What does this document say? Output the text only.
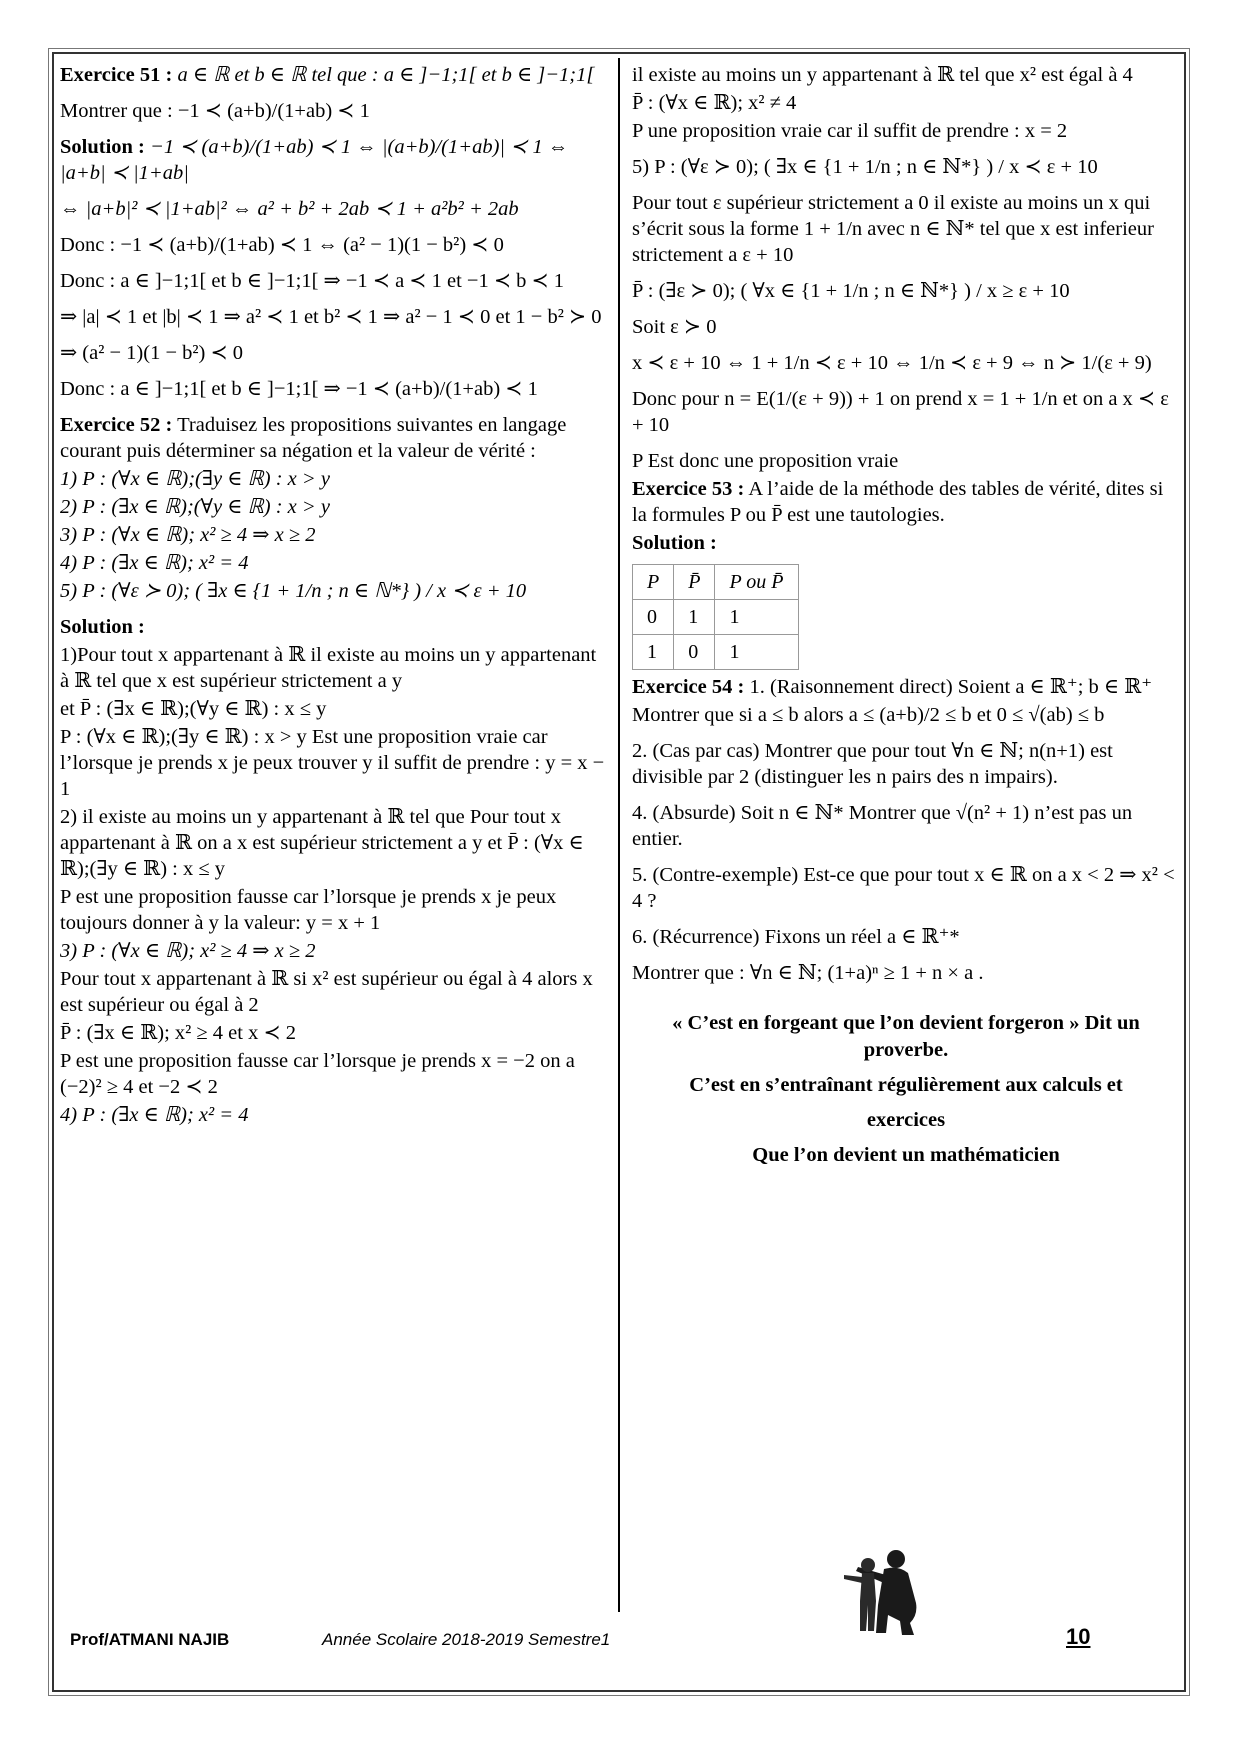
Exercice 51 : a ∈ ℝ et b ∈ ℝ tel que : a ∈ ]−1;1[ et b ∈ ]−1;1[

Montrer que : −1 ≺ (a+b)/(1+ab) ≺ 1

Solution : −1 ≺ (a+b)/(1+ab) ≺ 1 ⇔ |(a+b)/(1+ab)| ≺ 1 ⇔ |a+b| ≺ |1+ab|

⇔ |a+b|² ≺ |1+ab|² ⇔ a² + b² + 2ab ≺ 1 + a²b² + 2ab

Donc : −1 ≺ (a+b)/(1+ab) ≺ 1 ⇔ (a² − 1)(1 − b²) ≺ 0

Donc : a ∈ ]−1;1[ et b ∈ ]−1;1[ ⇒ −1 ≺ a ≺ 1 et −1 ≺ b ≺ 1

⇒ |a| ≺ 1 et |b| ≺ 1 ⇒ a² ≺ 1 et b² ≺ 1 ⇒ a² − 1 ≺ 0 et 1 − b² ≻ 0

⇒ (a² − 1)(1 − b²) ≺ 0

Donc : a ∈ ]−1;1[ et b ∈ ]−1;1[ ⇒ −1 ≺ (a+b)/(1+ab) ≺ 1

Exercice 52 : Traduisez les propositions suivantes en langage courant puis déterminer sa négation et la valeur de vérité :

1) P : (∀x ∈ ℝ);(∃y ∈ ℝ) : x > y

2) P : (∃x ∈ ℝ);(∀y ∈ ℝ) : x > y

3) P : (∀x ∈ ℝ); x² ≥ 4 ⇒ x ≥ 2

4) P : (∃x ∈ ℝ); x² = 4

5) P : (∀ε ≻ 0); ( ∃x ∈ {1 + 1/n ; n ∈ ℕ*} ) / x ≺ ε + 10

Solution :

1)Pour tout x appartenant à ℝ il existe au moins un y appartenant à ℝ tel que x est supérieur strictement a y

et P̄ : (∃x ∈ ℝ);(∀y ∈ ℝ) : x ≤ y

P : (∀x ∈ ℝ);(∃y ∈ ℝ) : x > y Est une proposition vraie car l’lorsque je prends x je peux trouver y il suffit de prendre : y = x − 1

2) il existe au moins un y appartenant à ℝ tel que Pour tout x appartenant à ℝ on a x est supérieur strictement a y et P̄ : (∀x ∈ ℝ);(∃y ∈ ℝ) : x ≤ y

P est une proposition fausse car l’lorsque je prends x je peux toujours donner à y la valeur: y = x + 1

3) P : (∀x ∈ ℝ); x² ≥ 4 ⇒ x ≥ 2

Pour tout x appartenant à ℝ si x² est supérieur ou égal à 4 alors x est supérieur ou égal à 2

P̄ : (∃x ∈ ℝ); x² ≥ 4 et x ≺ 2

P est une proposition fausse car l’lorsque je prends x = −2 on a (−2)² ≥ 4 et −2 ≺ 2

4) P : (∃x ∈ ℝ); x² = 4

il existe au moins un y appartenant à ℝ tel que x² est égal à 4

P̄ : (∀x ∈ ℝ); x² ≠ 4

P une proposition vraie car il suffit de prendre : x = 2

5) P : (∀ε ≻ 0); ( ∃x ∈ {1 + 1/n ; n ∈ ℕ*} ) / x ≺ ε + 10

Pour tout ε supérieur strictement a 0 il existe au moins un x qui s’écrit sous la forme 1 + 1/n avec n ∈ ℕ* tel que x est inferieur strictement a ε + 10

P̄ : (∃ε ≻ 0); ( ∀x ∈ {1 + 1/n ; n ∈ ℕ*} ) / x ≥ ε + 10

Soit ε ≻ 0

x ≺ ε + 10 ⇔ 1 + 1/n ≺ ε + 10 ⇔ 1/n ≺ ε + 9 ⇔ n ≻ 1/(ε + 9)

Donc pour n = E(1/(ε + 9)) + 1 on prend x = 1 + 1/n et on a x ≺ ε + 10

P Est donc une proposition vraie

Exercice 53 : A l’aide de la méthode des tables de vérité, dites si la formules P ou P̄ est une tautologies.

Solution :

P	P̄	P ou P̄
0	1	1
1	0	1

Exercice 54 : 1. (Raisonnement direct) Soient a ∈ ℝ⁺; b ∈ ℝ⁺

Montrer que si a ≤ b alors a ≤ (a+b)/2 ≤ b et 0 ≤ √(ab) ≤ b

2. (Cas par cas) Montrer que pour tout ∀n ∈ ℕ; n(n+1) est divisible par 2 (distinguer les n pairs des n impairs).

4. (Absurde) Soit n ∈ ℕ* Montrer que √(n² + 1) n’est pas un entier.

5. (Contre-exemple) Est-ce que pour tout x ∈ ℝ on a x < 2 ⇒ x² < 4 ?

6. (Récurrence) Fixons un réel a ∈ ℝ⁺*

Montrer que : ∀n ∈ ℕ; (1+a)ⁿ ≥ 1 + n × a .

« C’est en forgeant que l’on devient forgeron » Dit un proverbe.
C’est en s’entraînant régulièrement aux calculs et
exercices
Que l’on devient un mathématicien
Prof/ATMANI NAJIB	Année Scolaire 2018-2019 Semestre1	10
